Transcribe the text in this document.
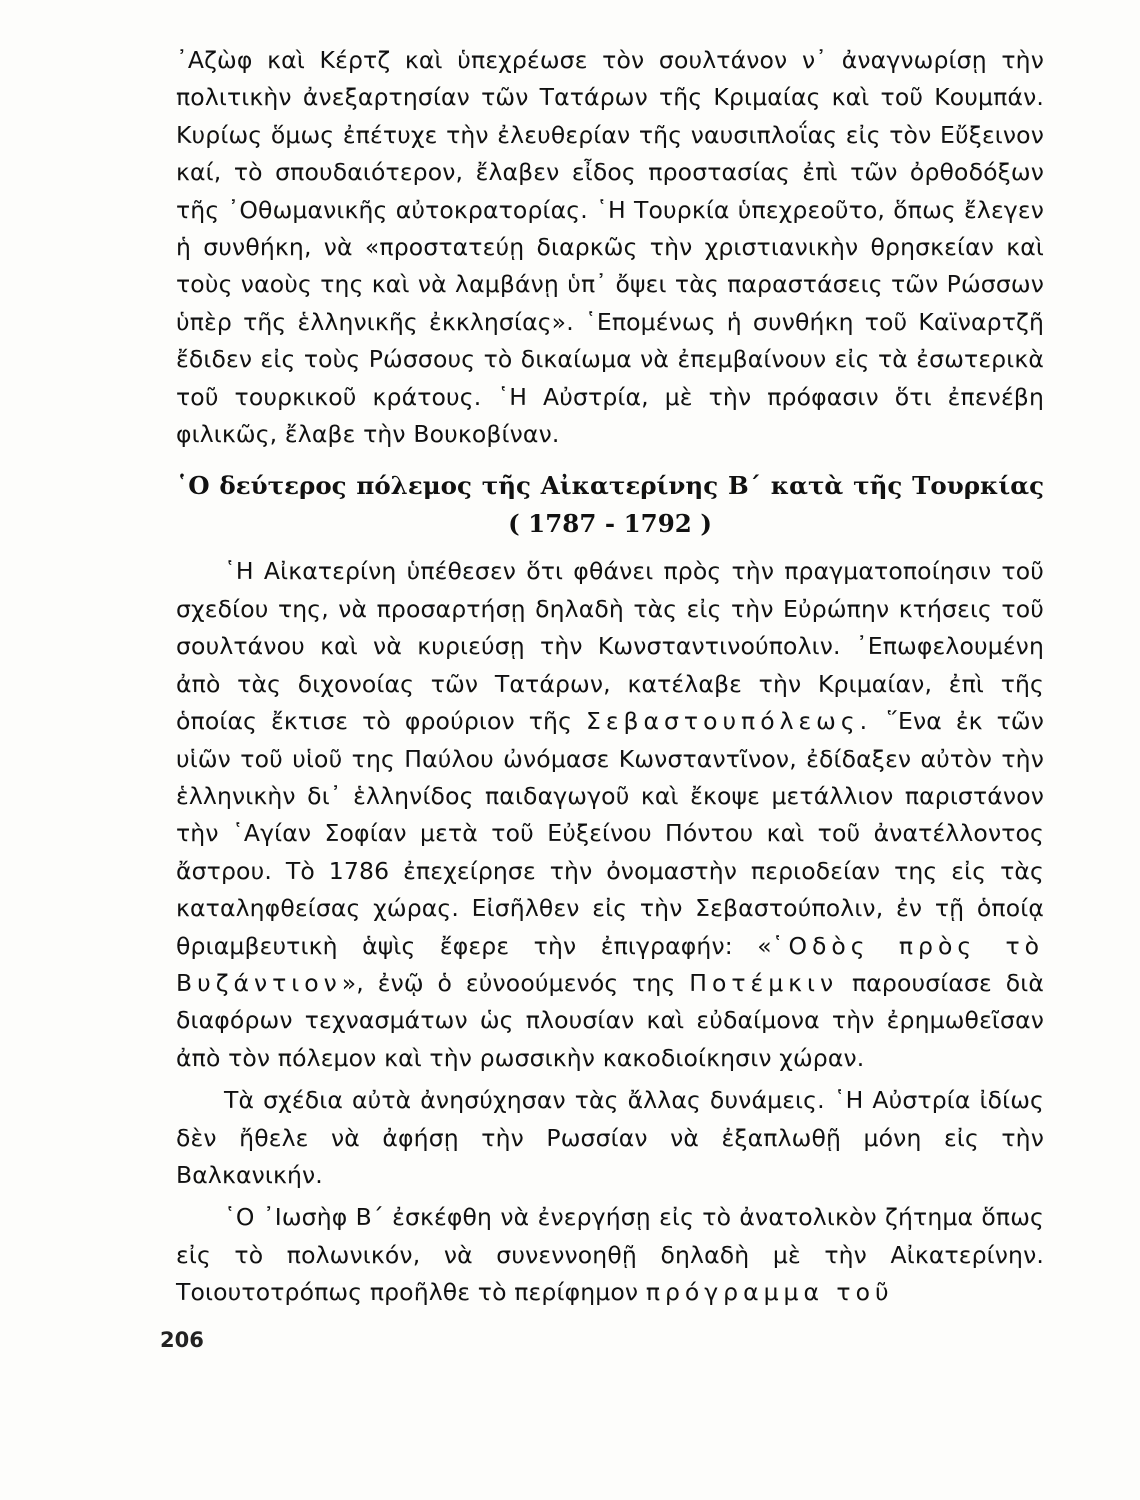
᾿Αζὼφ καὶ Κέρτζ καὶ ὑπεχρέωσε τὸν σουλτάνον ν᾿ ἀναγνωρίσῃ τὴν πολιτικὴν ἀνεξαρτησίαν τῶν Τατάρων τῆς Κριμαίας καὶ τοῦ Κουμπάν. Κυρίως ὅμως ἐπέτυχε τὴν ἐλευθερίαν τῆς ναυσιπλοΐας εἰς τὸν Εὔξεινον καί, τὸ σπουδαιότερον, ἔλαβεν εἶδος προστασίας ἐπὶ τῶν ὀρθοδόξων τῆς ᾿Οθωμανικῆς αὐτοκρατορίας. ῾Η Τουρκία ὑπεχρεοῦτο, ὅπως ἔλεγεν ἡ συνθήκη, νὰ «προστατεύῃ διαρκῶς τὴν χριστιανικὴν θρησκείαν καὶ τοὺς ναοὺς της καὶ νὰ λαμβάνῃ ὑπ᾿ ὄψει τὰς παραστάσεις τῶν Ρώσσων ὑπὲρ τῆς ἑλληνικῆς ἐκκλησίας». ῾Επομένως ἡ συνθήκη τοῦ Καϊναρτζῆ ἔδιδεν εἰς τοὺς Ρώσσους τὸ δικαίωμα νὰ ἐπεμβαίνουν εἰς τὰ ἐσωτερικὰ τοῦ τουρκικοῦ κράτους. ῾Η Αὐστρία, μὲ τὴν πρόφασιν ὅτι ἐπενέβη φιλικῶς, ἔλαβε τὴν Βουκοβίναν.

῾Ο δεύτερος πόλεμος τῆς Αἰκατερίνης Β΄ κατὰ τῆς Τουρκίας
( 1787 - 1792 )

῾Η Αἰκατερίνη ὑπέθεσεν ὅτι φθάνει πρὸς τὴν πραγματοποίησιν τοῦ σχεδίου της, νὰ προσαρτήσῃ δηλαδὴ τὰς εἰς τὴν Εὐρώπην κτήσεις τοῦ σουλτάνου καὶ νὰ κυριεύσῃ τὴν Κωνσταντινούπολιν. ᾿Επωφελουμένη ἀπὸ τὰς διχονοίας τῶν Τατάρων, κατέλαβε τὴν Κριμαίαν, ἐπὶ τῆς ὁποίας ἔκτισε τὸ φρούριον τῆς Σεβαστουπόλεως. ῞Ενα ἐκ τῶν υἱῶν τοῦ υἱοῦ της Παύλου ὠνόμασε Κωνσταντῖνον, ἐδίδαξεν αὐτὸν τὴν ἑλληνικὴν δι᾿ ἑλληνίδος παιδαγωγοῦ καὶ ἔκοψε μετάλλιον παριστάνον τὴν ῾Αγίαν Σοφίαν μετὰ τοῦ Εὐξείνου Πόντου καὶ τοῦ ἀνατέλλοντος ἄστρου. Τὸ 1786 ἐπεχείρησε τὴν ὀνομαστὴν περιοδείαν της εἰς τὰς καταληφθείσας χώρας. Εἰσῆλθεν εἰς τὴν Σεβαστούπολιν, ἐν τῇ ὁποίᾳ θριαμβευτικὴ ἁψὶς ἔφερε τὴν ἐπιγραφήν: «῾Οδὸς πρὸς τὸ Βυζάντιον», ἐνῷ ὁ εὐνοούμενός της Ποτέμκιν παρουσίασε διὰ διαφόρων τεχνασμάτων ὡς πλουσίαν καὶ εὐδαίμονα τὴν ἐρημωθεῖσαν ἀπὸ τὸν πόλεμον καὶ τὴν ρωσσικὴν κακοδιοίκησιν χώραν.

Τὰ σχέδια αὐτὰ ἀνησύχησαν τὰς ἄλλας δυνάμεις. ῾Η Αὐστρία ἰδίως δὲν ἤθελε νὰ ἀφήσῃ τὴν Ρωσσίαν νὰ ἐξαπλωθῇ μόνη εἰς τὴν Βαλκανικήν.

῾Ο ᾿Ιωσὴφ Β΄ ἐσκέφθη νὰ ἐνεργήσῃ εἰς τὸ ἀνατολικὸν ζήτημα ὅπως εἰς τὸ πολωνικόν, νὰ συνεννοηθῇ δηλαδὴ μὲ τὴν Αἰκατερίνην. Τοιουτοτρόπως προῆλθε τὸ περίφημον πρόγραμμα τοῦ

206
